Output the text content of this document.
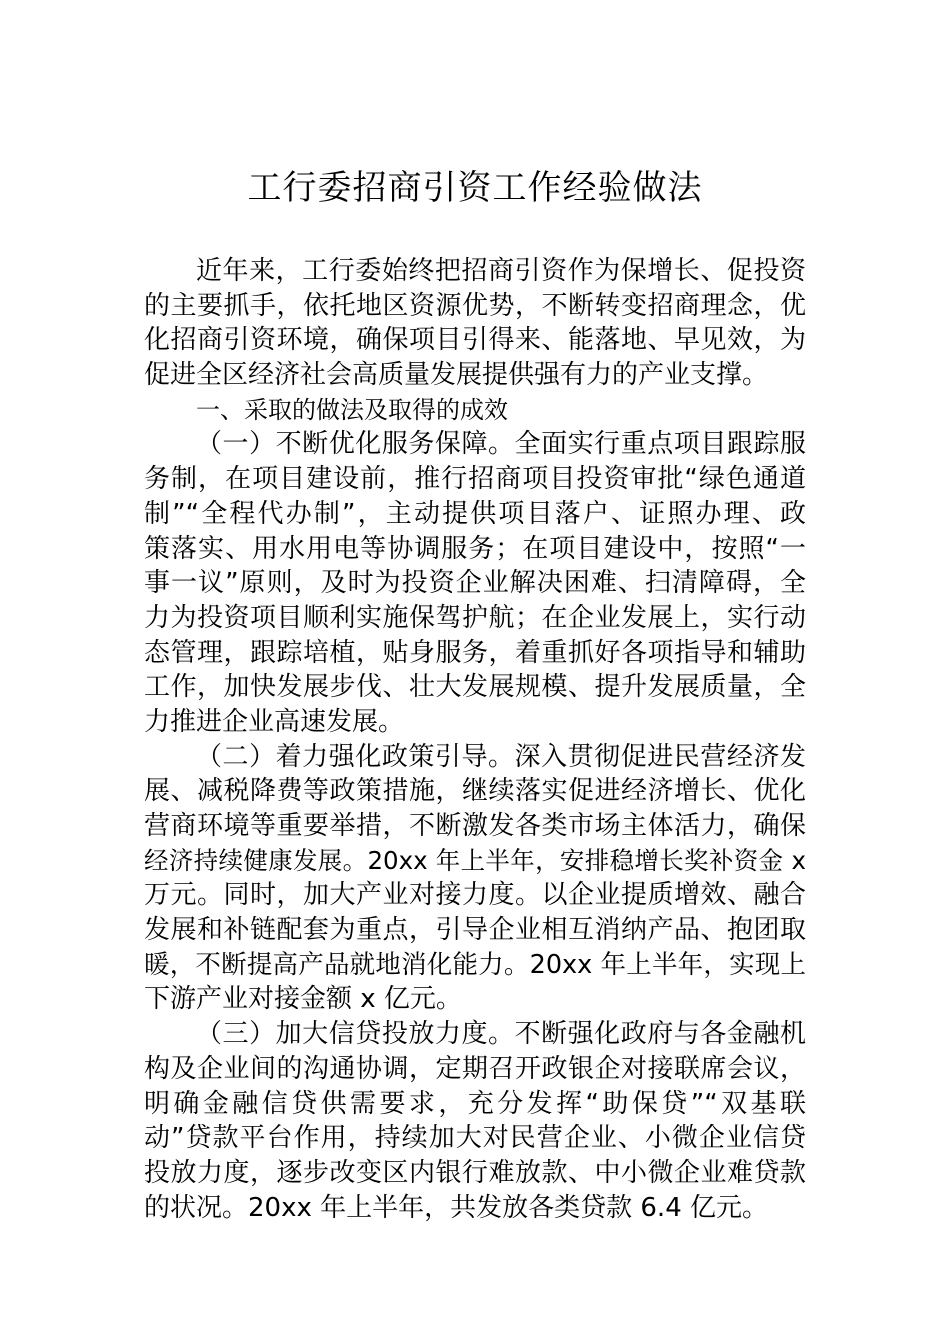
工行委招商引资工作经验做法
近年来，工行委始终把招商引资作为保增长、促投资
的主要抓手，依托地区资源优势，不断转变招商理念，优
化招商引资环境，确保项目引得来、能落地、早见效，为
促进全区经济社会高质量发展提供强有力的产业支撑。
一、采取的做法及取得的成效
（一）不断优化服务保障。全面实行重点项目跟踪服
务制，在项目建设前，推行招商项目投资审批“绿色通道
制”“全程代办制”，主动提供项目落户、证照办理、政
策落实、用水用电等协调服务；在项目建设中，按照“一
事一议”原则，及时为投资企业解决困难、扫清障碍，全
力为投资项目顺利实施保驾护航；在企业发展上，实行动
态管理，跟踪培植，贴身服务，着重抓好各项指导和辅助
工作，加快发展步伐、壮大发展规模、提升发展质量，全
力推进企业高速发展。
（二）着力强化政策引导。深入贯彻促进民营经济发
展、减税降费等政策措施，继续落实促进经济增长、优化
营商环境等重要举措，不断激发各类市场主体活力，确保
经济持续健康发展。20xx 年上半年，安排稳增长奖补资金 x
万元。同时，加大产业对接力度。以企业提质增效、融合
发展和补链配套为重点，引导企业相互消纳产品、抱团取
暖，不断提高产品就地消化能力。20xx 年上半年，实现上
下游产业对接金额 x 亿元。
（三）加大信贷投放力度。不断强化政府与各金融机
构及企业间的沟通协调，定期召开政银企对接联席会议，
明确金融信贷供需要求，充分发挥“助保贷”“双基联
动”贷款平台作用，持续加大对民营企业、小微企业信贷
投放力度，逐步改变区内银行难放款、中小微企业难贷款
的状况。20xx 年上半年，共发放各类贷款 6.4 亿元。
